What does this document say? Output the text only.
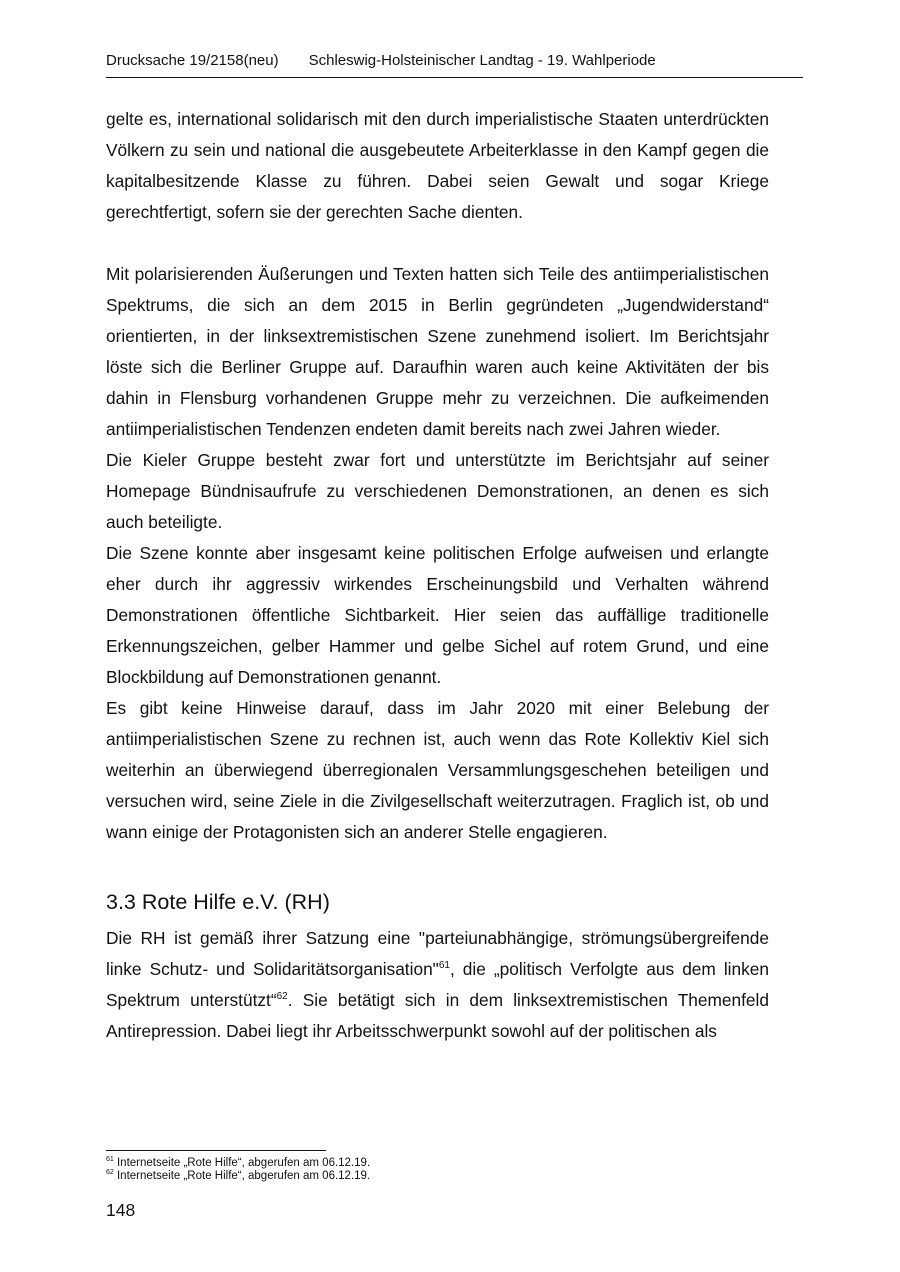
Drucksache 19/2158(neu) Schleswig-Holsteinischer Landtag - 19. Wahlperiode

gelte es, international solidarisch mit den durch imperialistische Staaten unterdrückten Völkern zu sein und national die ausgebeutete Arbeiterklasse in den Kampf gegen die kapitalbesitzende Klasse zu führen. Dabei seien Gewalt und sogar Kriege gerechtfertigt, sofern sie der gerechten Sache dienten.

Mit polarisierenden Äußerungen und Texten hatten sich Teile des antiimperialistischen Spektrums, die sich an dem 2015 in Berlin gegründeten „Jugendwiderstand“ orientierten, in der linksextremistischen Szene zunehmend isoliert. Im Berichtsjahr löste sich die Berliner Gruppe auf. Daraufhin waren auch keine Aktivitäten der bis dahin in Flensburg vorhandenen Gruppe mehr zu verzeichnen. Die aufkeimenden antiimperialistischen Tendenzen endeten damit bereits nach zwei Jahren wieder.

Die Kieler Gruppe besteht zwar fort und unterstützte im Berichtsjahr auf seiner Homepage Bündnisaufrufe zu verschiedenen Demonstrationen, an denen es sich auch beteiligte.

Die Szene konnte aber insgesamt keine politischen Erfolge aufweisen und erlangte eher durch ihr aggressiv wirkendes Erscheinungsbild und Verhalten während Demonstrationen öffentliche Sichtbarkeit. Hier seien das auffällige traditionelle Erkennungszeichen, gelber Hammer und gelbe Sichel auf rotem Grund, und eine Blockbildung auf Demonstrationen genannt.

Es gibt keine Hinweise darauf, dass im Jahr 2020 mit einer Belebung der antiimperialistischen Szene zu rechnen ist, auch wenn das Rote Kollektiv Kiel sich weiterhin an überwiegend überregionalen Versammlungsgeschehen beteiligen und versuchen wird, seine Ziele in die Zivilgesellschaft weiterzutragen. Fraglich ist, ob und wann einige der Protagonisten sich an anderer Stelle engagieren.

3.3 Rote Hilfe e.V. (RH)

Die RH ist gemäß ihrer Satzung eine "parteiunabhängige, strömungsübergreifende linke Schutz- und Solidaritätsorganisation"$^{61}$, die „politisch Verfolgte aus dem linken Spektrum unterstützt“$^{62}$. Sie betätigt sich in dem linksextremistischen Themenfeld Antirepression. Dabei liegt ihr Arbeitsschwerpunkt sowohl auf der politischen als

$^{61}$ Internetseite „Rote Hilfe“, abgerufen am 06.12.19.
$^{62}$ Internetseite „Rote Hilfe“, abgerufen am 06.12.19.
148
